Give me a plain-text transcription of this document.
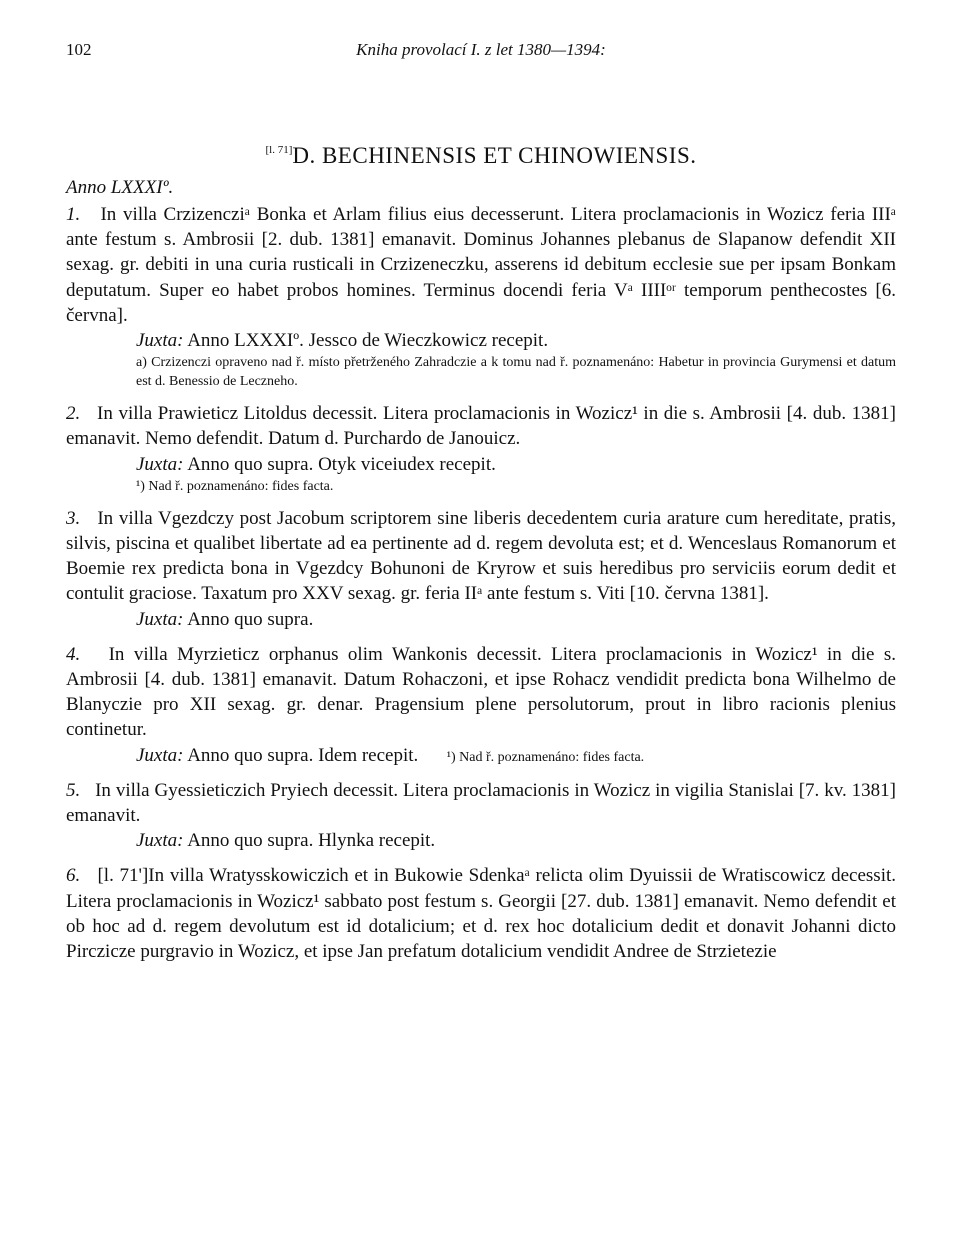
102	Kniha provolací I. z let 1380—1394:
[l. 71]D. BECHINENSIS ET CHINOWIENSIS.
Anno LXXXIº.

1. In villa Crzizencziᵃ Bonka et Arlam filius eius decesserunt. Litera proclamacionis in Wozicz feria IIIᵃ ante festum s. Ambrosii [2. dub. 1381] emanavit. Dominus Johannes plebanus de Slapanow defendit XII sexag. gr. debiti in una curia rusticali in Crzizeneczku, asserens id debitum ecclesie sue per ipsam Bonkam deputatum. Super eo habet probos homines. Terminus docendi feria Vᵃ IIIIᵒʳ temporum penthecostes [6. června].

Juxta: Anno LXXXIº. Jessco de Wieczkowicz recepit.

a) Crzizenczi opraveno nad ř. místo přetrženého Zahradczie a k tomu nad ř. poznamenáno: Habetur in provincia Gurymensi et datum est d. Benessio de Leczneho.

2. In villa Prawieticz Litoldus decessit. Litera proclamacionis in Wozicz¹ in die s. Ambrosii [4. dub. 1381] emanavit. Nemo defendit. Datum d. Purchardo de Janouicz.

Juxta: Anno quo supra. Otyk viceiudex recepit.

¹) Nad ř. poznamenáno: fides facta.

3. In villa Vgezdczy post Jacobum scriptorem sine liberis decedentem curia arature cum hereditate, pratis, silvis, piscina et qualibet libertate ad ea pertinente ad d. regem devoluta est; et d. Wenceslaus Romanorum et Boemie rex predicta bona in Vgezdcy Bohunoni de Kryrow et suis heredibus pro serviciis eorum dedit et contulit graciose. Taxatum pro XXV sexag. gr. feria IIᵃ ante festum s. Viti [10. června 1381].

Juxta: Anno quo supra.

4. In villa Myrzieticz orphanus olim Wankonis decessit. Litera proclamacionis in Wozicz¹ in die s. Ambrosii [4. dub. 1381] emanavit. Datum Rohaczoni, et ipse Rohacz vendidit predicta bona Wilhelmo de Blanyczie pro XII sexag. gr. denar. Pragensium plene persolutorum, prout in libro racionis plenius continetur.

Juxta: Anno quo supra. Idem recepit. ¹) Nad ř. poznamenáno: fides facta.

5. In villa Gyessieticzich Pryiech decessit. Litera proclamacionis in Wozicz in vigilia Stanislai [7. kv. 1381] emanavit.

Juxta: Anno quo supra. Hlynka recepit.

6. [l. 71']In villa Wratysskowiczich et in Bukowie Sdenkaᵃ relicta olim Dyuissii de Wratiscowicz decessit. Litera proclamacionis in Wozicz¹ sabbato post festum s. Georgii [27. dub. 1381] emanavit. Nemo defendit et ob hoc ad d. regem devolutum est id dotalicium; et d. rex hoc dotalicium dedit et donavit Johanni dicto Pirczicze purgravio in Wozicz, et ipse Jan prefatum dotalicium vendidit Andree de Strzietezie
